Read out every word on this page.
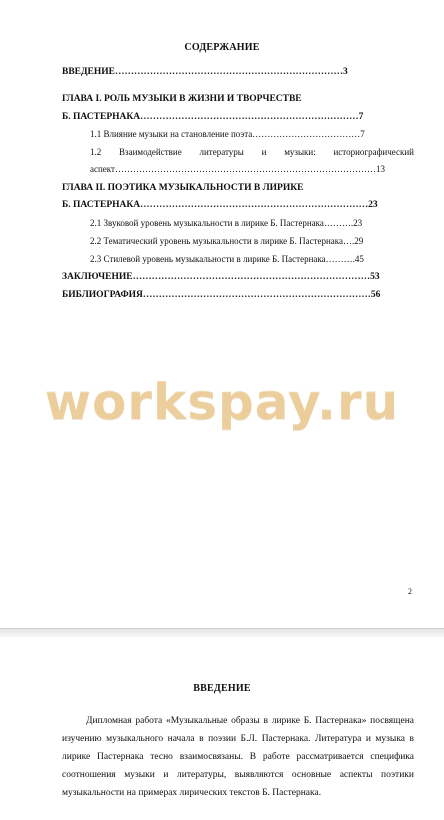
СОДЕРЖАНИЕ
ВВЕДЕНИЕ………………………………………………………………3
ГЛАВА I. РОЛЬ МУЗЫКИ В ЖИЗНИ И ТВОРЧЕСТВЕ
Б. ПАСТЕРНАКА……………………………………………………………7
1.1 Влияние музыки на становление поэта………………………………7
1.2 Взаимодействие литературы и музыки: историографический
аспект……………………………………………………………………………13
ГЛАВА II. ПОЭТИКА МУЗЫКАЛЬНОСТИ В ЛИРИКЕ
Б. ПАСТЕРНАКА………………………………………………………………23
2.1 Звуковой уровень музыкальности в лирике Б. Пастернака……….23
2.2 Тематический уровень музыкальности в лирике Б. Пастернака….29
2.3 Стилевой уровень музыкальности в лирике Б. Пастернака……….45
ЗАКЛЮЧЕНИЕ…………………………………………………………………53
БИБЛИОГРАФИЯ………………………………………………………………56
workspay.ru
2
ВВЕДЕНИЕ
Дипломная работа «Музыкальные образы в лирике Б. Пастернака» посвящена изучению музыкального начала в поэзии Б.Л. Пастернака. Литература и музыка в лирике Пастернака тесно взаимосвязаны. В работе рассматривается специфика соотношения музыки и литературы, выявляются основные аспекты поэтики музыкальности на примерах лирических текстов Б. Пастернака.
